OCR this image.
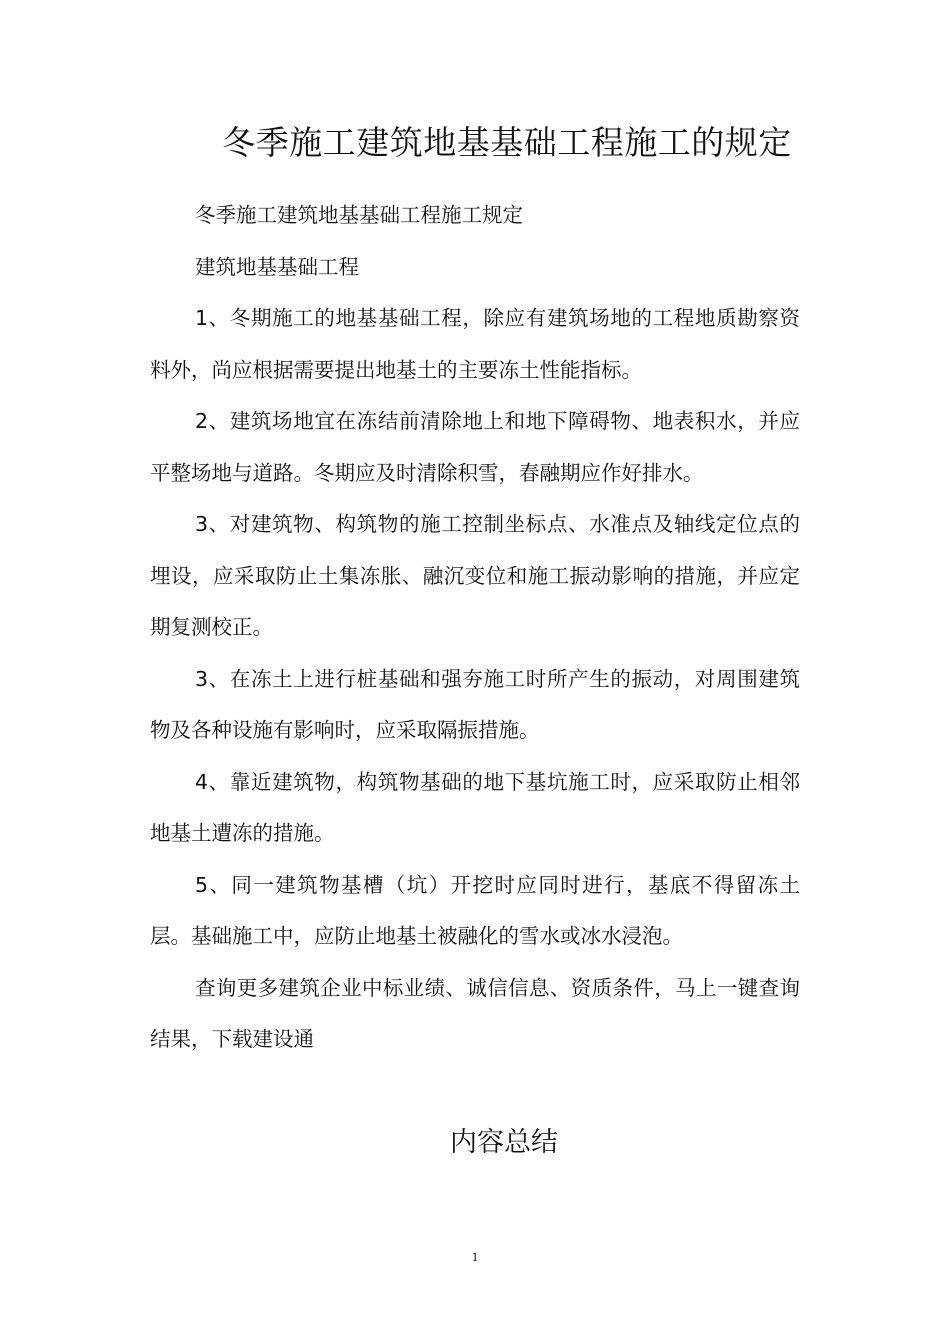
冬季施工建筑地基基础工程施工的规定

冬季施工建筑地基基础工程施工规定

建筑地基基础工程

1、冬期施工的地基基础工程，除应有建筑场地的工程地质勘察资料外，尚应根据需要提出地基土的主要冻土性能指标。

2、建筑场地宜在冻结前清除地上和地下障碍物、地表积水，并应平整场地与道路。冬期应及时清除积雪，春融期应作好排水。

3、对建筑物、构筑物的施工控制坐标点、水准点及轴线定位点的埋设，应采取防止土集冻胀、融沉变位和施工振动影响的措施，并应定期复测校正。

3、在冻土上进行桩基础和强夯施工时所产生的振动，对周围建筑物及各种设施有影响时，应采取隔振措施。

4、靠近建筑物，构筑物基础的地下基坑施工时，应采取防止相邻地基土遭冻的措施。

5、同一建筑物基槽（坑）开挖时应同时进行，基底不得留冻土层。基础施工中，应防止地基土被融化的雪水或冰水浸泡。

查询更多建筑企业中标业绩、诚信信息、资质条件，马上一键查询结果，下载建设通

内容总结
1
